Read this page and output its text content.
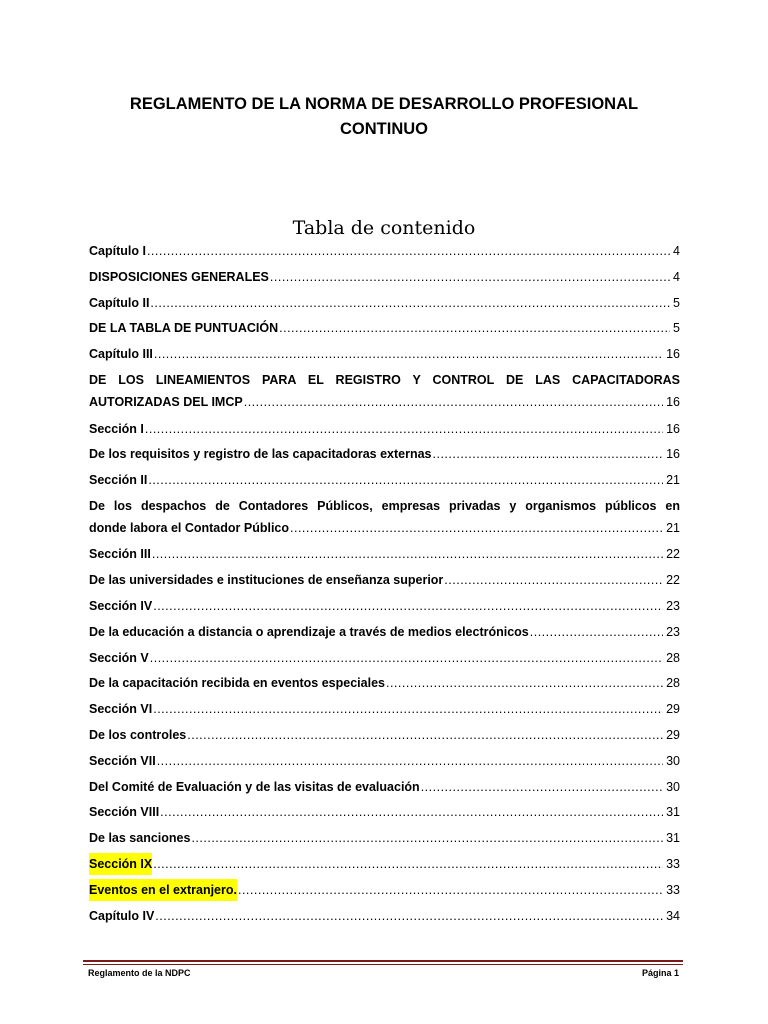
REGLAMENTO DE LA NORMA DE DESARROLLO PROFESIONAL
CONTINUO
Tabla de contenido
Capítulo I .....	4
DISPOSICIONES GENERALES .....	4
Capítulo II .....	5
DE LA TABLA DE PUNTUACIÓN .....	5
Capítulo III .....	16
DE LOS LINEAMIENTOS PARA EL REGISTRO Y CONTROL DE LAS CAPACITADORAS
AUTORIZADAS DEL IMCP .....	16
Sección I .....	16
De los requisitos y registro de las capacitadoras externas .....	16
Sección II .....	21
De los despachos de Contadores Públicos, empresas privadas y organismos públicos en
donde labora el Contador Público .....	21
Sección III .....	22
De las universidades e instituciones de enseñanza superior .....	22
Sección IV .....	23
De la educación a distancia o aprendizaje a través de medios electrónicos .....	23
Sección V .....	28
De la capacitación recibida en eventos especiales .....	28
Sección VI .....	29
De los controles .....	29
Sección VII .....	30
Del Comité de Evaluación y de las visitas de evaluación .....	30
Sección VIII .....	31
De las sanciones .....	31
Sección IX .....	33
Eventos en el extranjero. .....	33
Capítulo IV .....	34
Reglamento de la NDPC	Página 1
